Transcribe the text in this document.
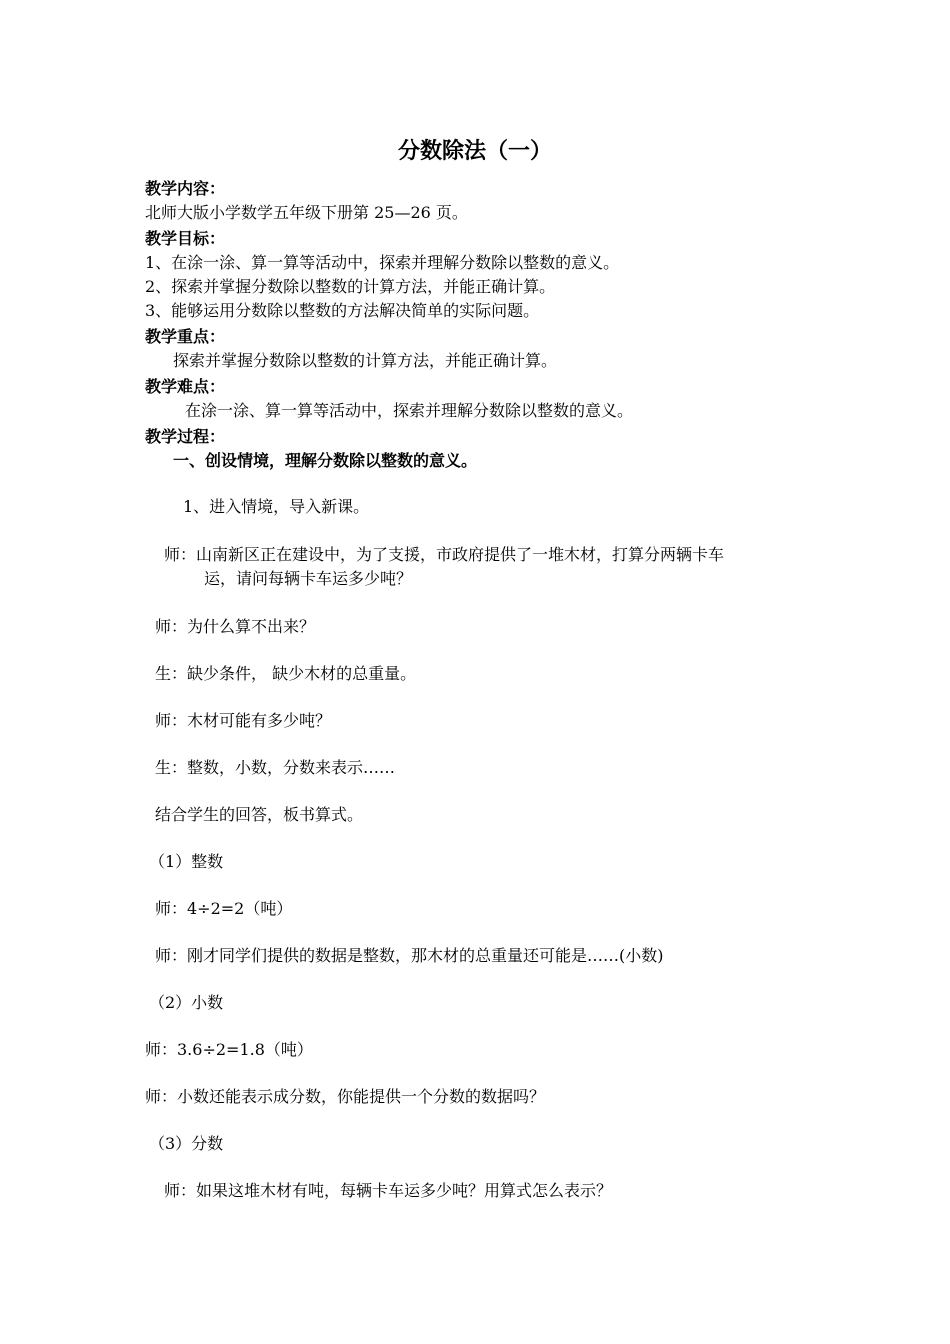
分数除法（一）
教学内容：
北师大版小学数学五年级下册第 25—26 页。
教学目标：
1、在涂一涂、算一算等活动中，探索并理解分数除以整数的意义。
2、探索并掌握分数除以整数的计算方法，并能正确计算。
3、能够运用分数除以整数的方法解决简单的实际问题。
教学重点：
探索并掌握分数除以整数的计算方法，并能正确计算。
教学难点：
在涂一涂、算一算等活动中，探索并理解分数除以整数的意义。
教学过程：
一、创设情境，理解分数除以整数的意义。
1、进入情境，导入新课。
师：山南新区正在建设中，为了支援，市政府提供了一堆木材，打算分两辆卡车
运，请问每辆卡车运多少吨？
师：为什么算不出来？
生：缺少条件， 缺少木材的总重量。
师：木材可能有多少吨？
生：整数，小数，分数来表示……
结合学生的回答，板书算式。
（1）整数
师：4÷2=2（吨）
师：刚才同学们提供的数据是整数，那木材的总重量还可能是……(小数)
（2）小数
师：3.6÷2=1.8（吨）
师：小数还能表示成分数，你能提供一个分数的数据吗？
（3）分数
师：如果这堆木材有吨，每辆卡车运多少吨？用算式怎么表示？
